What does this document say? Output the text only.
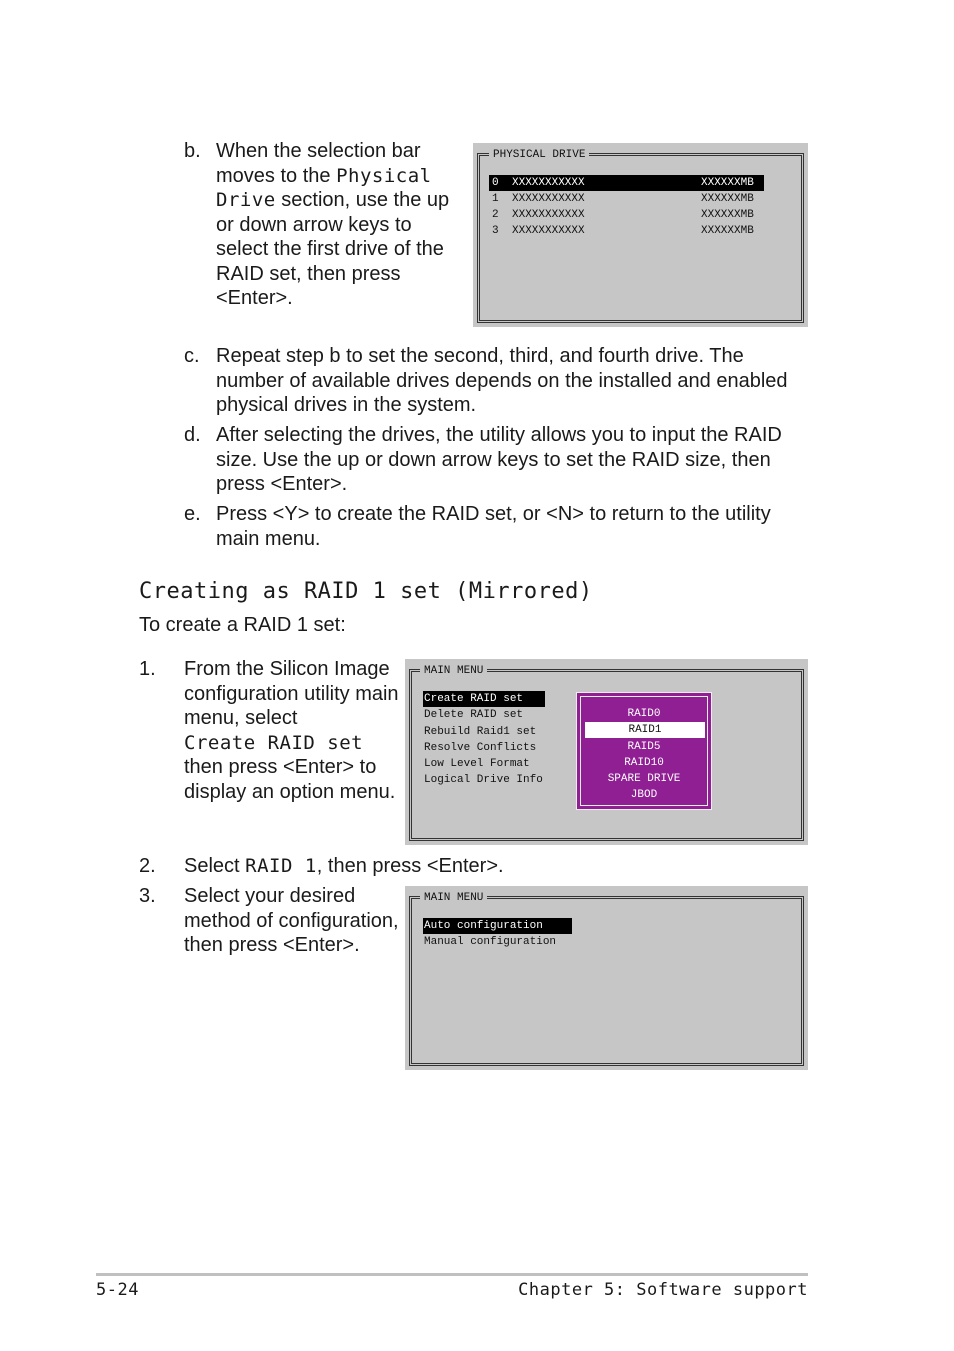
b. When the selection bar moves to the Physical Drive section, use the up or down arrow keys to select the first drive of the RAID set, then press <Enter>.
PHYSICAL DRIVE
0 XXXXXXXXXXX	XXXXXXMB

1 XXXXXXXXXXX	XXXXXXMB

2 XXXXXXXXXXX	XXXXXXMB

3 XXXXXXXXXXX	XXXXXXMB

c. Repeat step b to set the second, third, and fourth drive. The number of available drives depends on the installed and enabled physical drives in the system.
d. After selecting the drives, the utility allows you to input the RAID size. Use the up or down arrow keys to set the RAID size, then press <Enter>.
e. Press <Y> to create the RAID set, or <N> to return to the utility main menu.
Creating as RAID 1 set (Mirrored)
To create a RAID 1 set:
1. From the Silicon Image configuration utility main menu, select
Create RAID set
then press <Enter> to display an option menu.
MAIN MENU
Create RAID set
Delete RAID set
Rebuild Raid1 set
Resolve Conflicts
Low Level Format
Logical Drive Info
RAID0
RAID1
RAID5
RAID10
SPARE DRIVE
JBOD
2. Select RAID 1, then press <Enter>.
3. Select your desired method of configuration, then press <Enter>.
MAIN MENU
Auto configuration
Manual configuration
5-24	Chapter 5: Software support
